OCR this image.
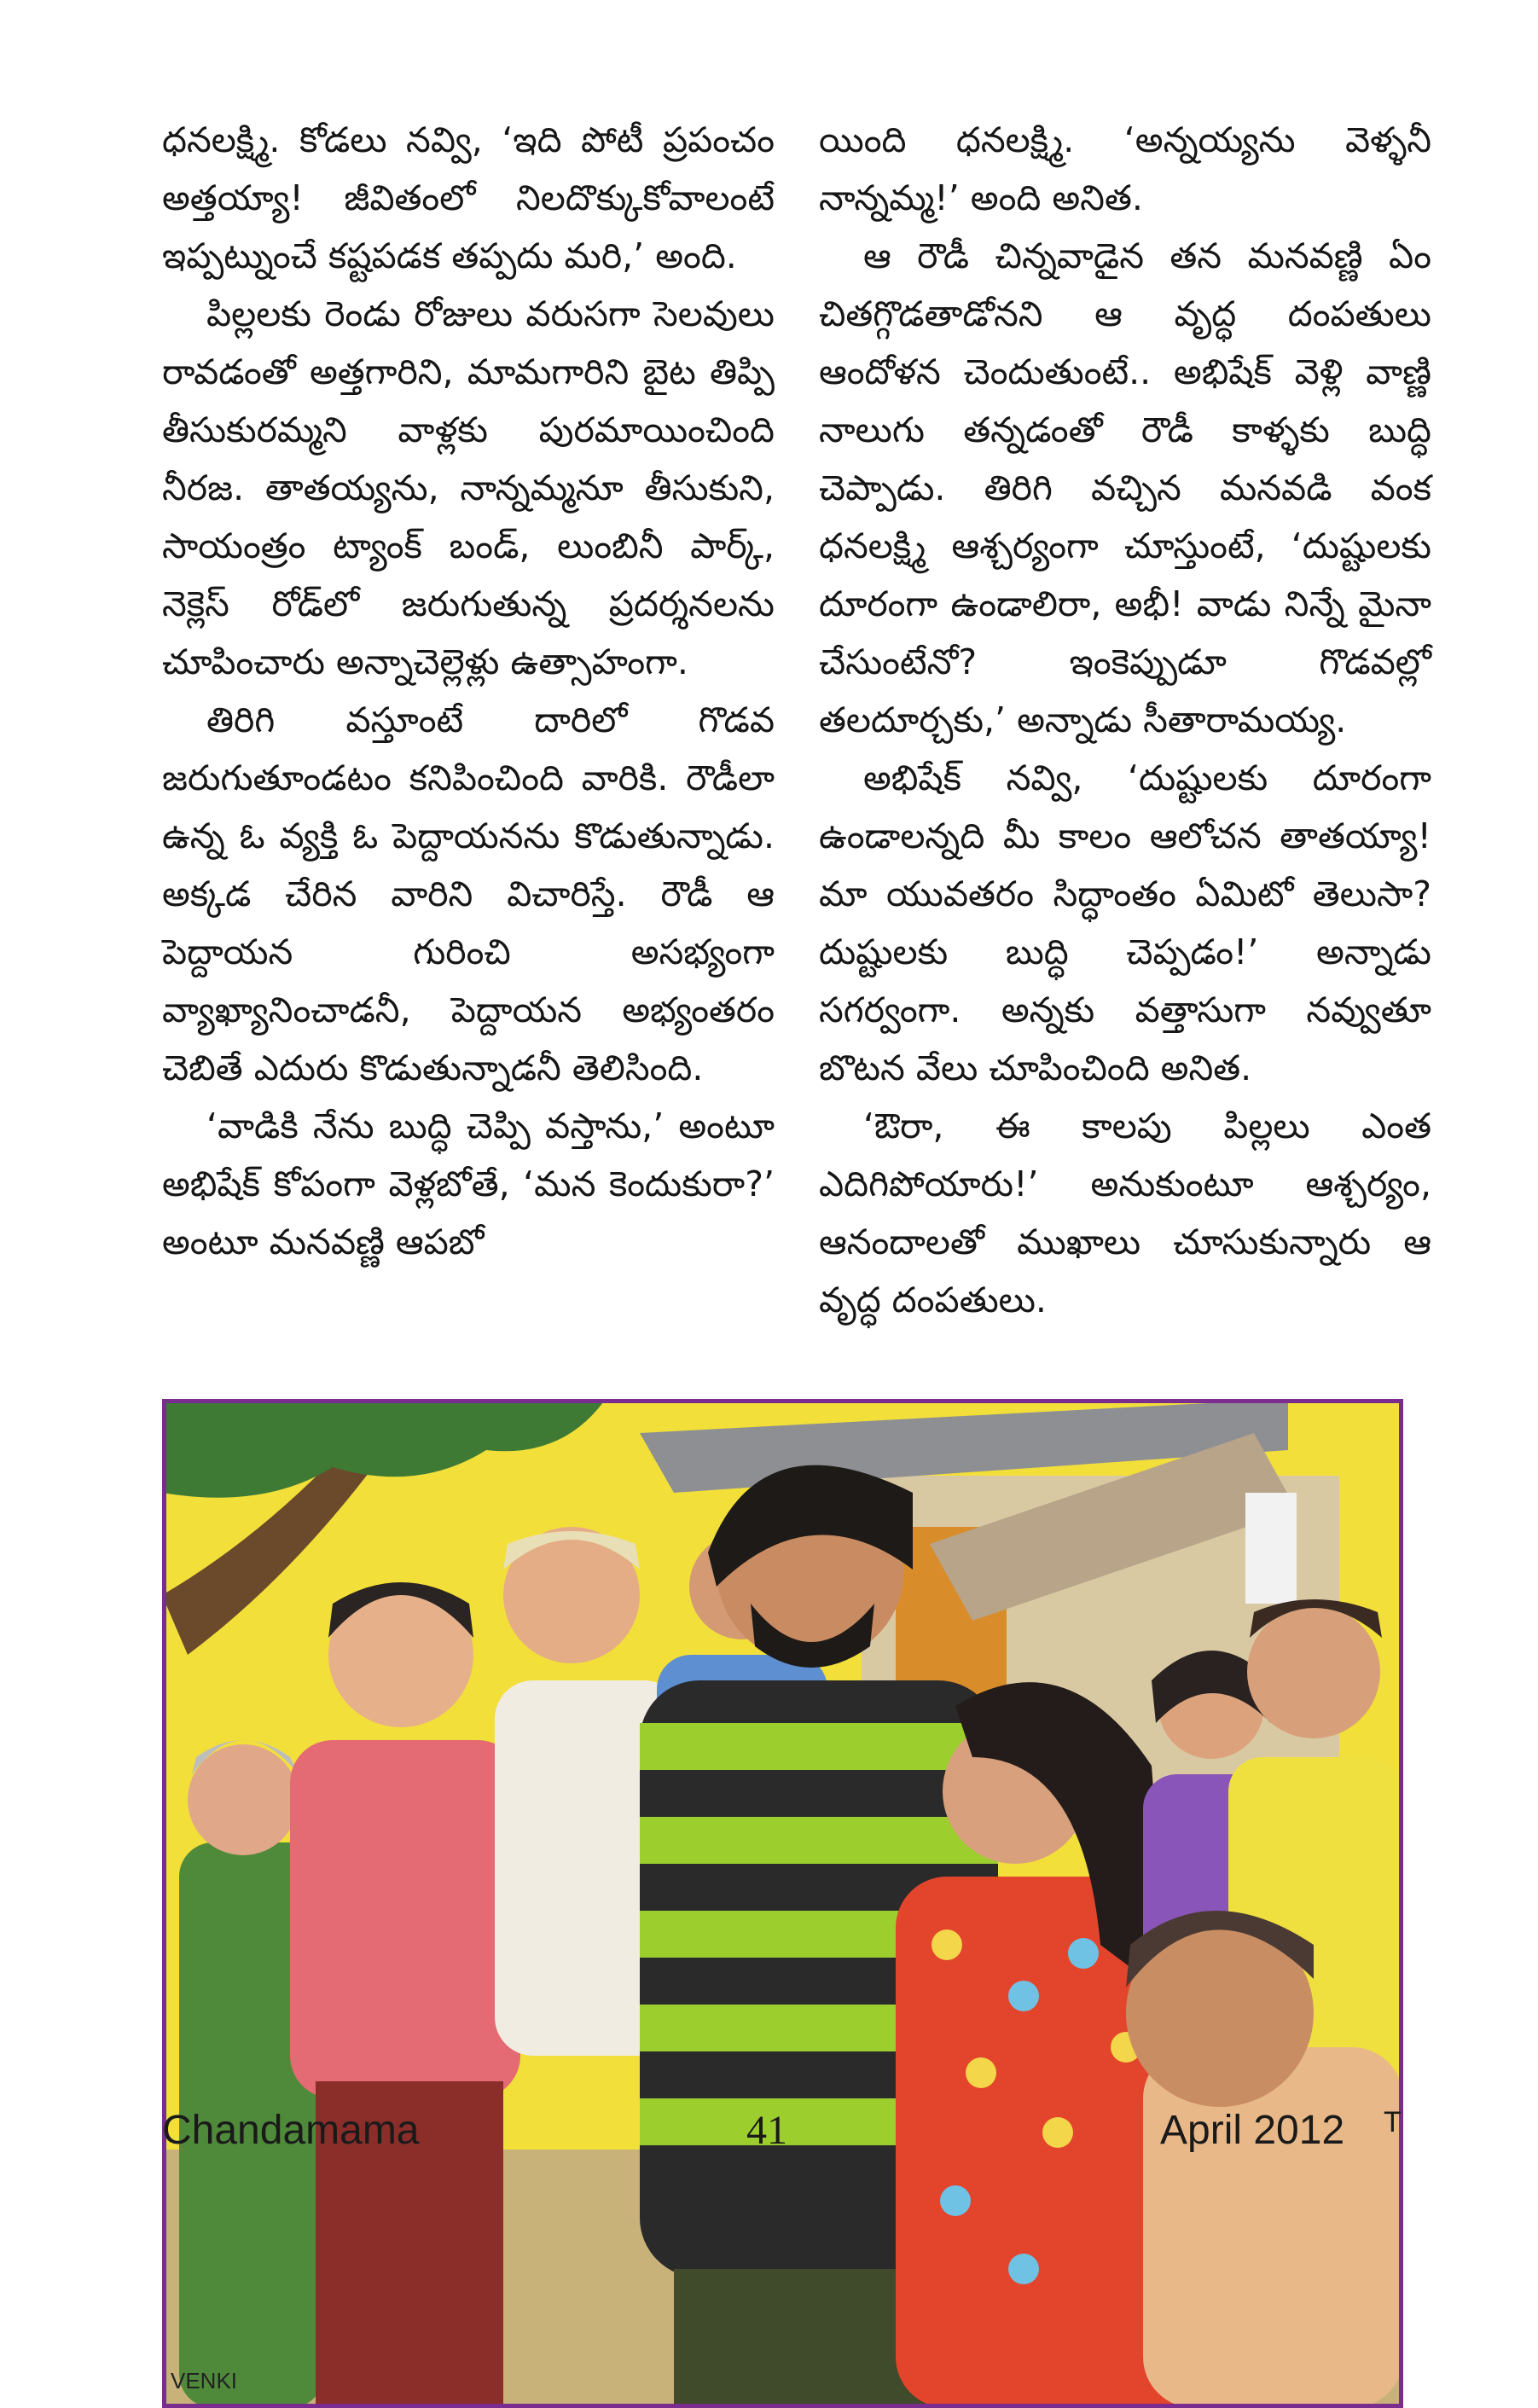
ధనలక్ష్మి. కోడలు నవ్వి, ‘ఇది పోటీ ప్రపంచం అత్తయ్యా! జీవితంలో నిలదొక్కుకోవాలంటే ఇప్పట్నుంచే కష్టపడక తప్పదు మరి,’ అంది.

పిల్లలకు రెండు రోజులు వరుసగా సెలవులు రావడంతో అత్తగారిని, మామగారిని బైట తిప్పి తీసుకురమ్మని వాళ్లకు పురమాయించింది నీరజ. తాతయ్యను, నాన్నమ్మనూ తీసుకుని, సాయంత్రం ట్యాంక్ బండ్, లుంబినీ పార్క్, నెక్లెస్ రోడ్‌లో జరుగుతున్న ప్రదర్శనలను చూపించారు అన్నాచెల్లెళ్లు ఉత్సాహంగా.

తిరిగి వస్తూంటే దారిలో గొడవ జరుగుతూండటం కనిపించింది వారికి. రౌడీలా ఉన్న ఓ వ్యక్తి ఓ పెద్దాయనను కొడుతున్నాడు. అక్కడ చేరిన వారిని విచారిస్తే. రౌడీ ఆ పెద్దాయన గురించి అసభ్యంగా వ్యాఖ్యానించాడనీ, పెద్దాయన అభ్యంతరం చెబితే ఎదురు కొడుతున్నాడనీ తెలిసింది.

‘వాడికి నేను బుద్ధి చెప్పి వస్తాను,’ అంటూ అభిషేక్ కోపంగా వెళ్లబోతే, ‘మన కెందుకురా?’ అంటూ మనవణ్ణి ఆపబో

యింది ధనలక్ష్మి. ‘అన్నయ్యను వెళ్ళనీ నాన్నమ్మ!’ అంది అనిత.

ఆ రౌడీ చిన్నవాడైన తన మనవణ్ణి ఏం చితగ్గొడతాడోనని ఆ వృద్ధ దంపతులు ఆందోళన చెందుతుంటే.. అభిషేక్ వెళ్లి వాణ్ణి నాలుగు తన్నడంతో రౌడీ కాళ్ళకు బుద్ధి చెప్పాడు. తిరిగి వచ్చిన మనవడి వంక ధనలక్ష్మి ఆశ్చర్యంగా చూస్తుంటే, ‘దుష్టులకు దూరంగా ఉండాలిరా, అభీ! వాడు నిన్నే మైనా చేసుంటేనో? ఇంకెప్పుడూ గొడవల్లో తలదూర్చకు,’ అన్నాడు సీతారామయ్య.

అభిషేక్ నవ్వి, ‘దుష్టులకు దూరంగా ఉండాలన్నది మీ కాలం ఆలోచన తాతయ్యా! మా యువతరం సిద్ధాంతం ఏమిటో తెలుసా? దుష్టులకు బుద్ధి చెప్పడం!’ అన్నాడు సగర్వంగా. అన్నకు వత్తాసుగా నవ్వుతూ బొటన వేలు చూపించింది అనిత.

‘ఔరా, ఈ కాలపు పిల్లలు ఎంత ఎదిగిపోయారు!’ అనుకుంటూ ఆశ్చర్యం, ఆనందాలతో ముఖాలు చూసుకున్నారు ఆ వృద్ధ దంపతులు.

VENKI
Chandamama	41	April 2012 T
